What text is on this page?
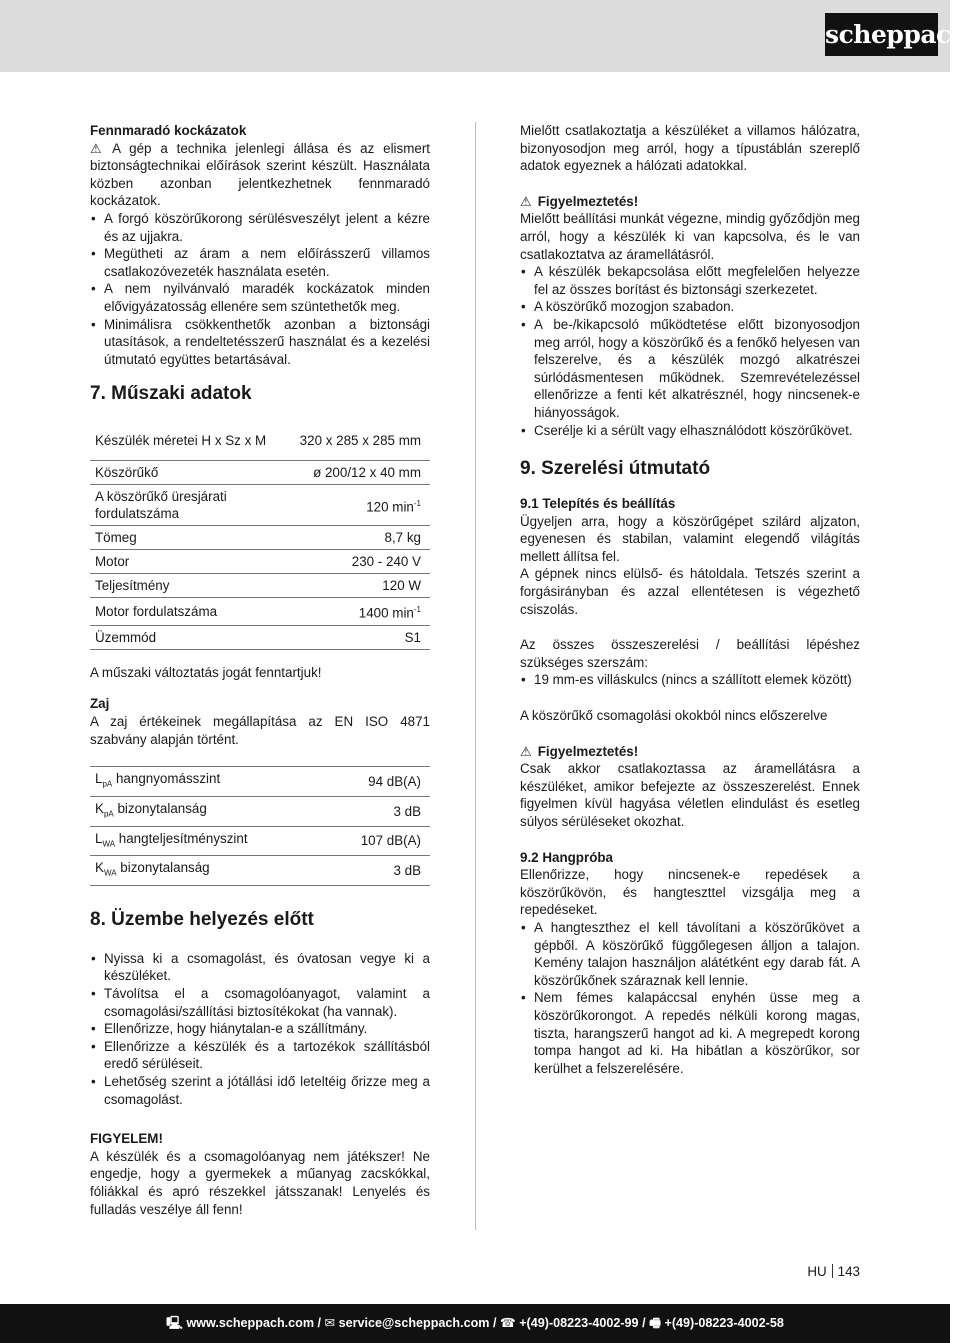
scheppach

Fennmaradó kockázatok

⚠ A gép a technika jelenlegi állása és az elismert biztonságtechnikai előírások szerint készült. Használata közben azonban jelentkezhetnek fennmaradó kockázatok.

• A forgó köszörűkorong sérülésveszélyt jelent a kézre és az ujjakra.
• Megütheti az áram a nem előírásszerű villamos csatlakozóvezeték használata esetén.
• A nem nyilvánvaló maradék kockázatok minden elővigyázatosság ellenére sem szüntethetők meg.
• Minimálisra csökkenthetők azonban a biztonsági utasítások, a rendeltetésszerű használat és a kezelési útmutató együttes betartásával.
7. Műszaki adatok
Készülék méretei H x Sz x M	320 x 285 x 285 mm
Köszörűkő	ø 200/12 x 40 mm
A köszörűkő üresjárati fordulatszáma	120 $\min^{-1}$
Tömeg	8,7 kg
Motor	230 - 240 V
Teljesítmény	120 W
Motor fordulatszáma	1400 $\min^{-1}$
Üzemmód	S1

A műszaki változtatás jogát fenntartjuk!

Zaj

A zaj értékeinek megállapítása az EN ISO 4871 szabvány alapján történt.

$L_{pA}$ hangnyomásszint	94 dB(A)
$K_{pA}$ bizonytalanság	3 dB
$L_{WA}$ hangteljesítményszint	107 dB(A)
$K_{WA}$ bizonytalanság	3 dB
8. Üzembe helyezés előtt
• Nyissa ki a csomagolást, és óvatosan vegye ki a készüléket.
• Távolítsa el a csomagolóanyagot, valamint a csomagolási/szállítási biztosítékokat (ha vannak).
• Ellenőrizze, hogy hiánytalan-e a szállítmány.
• Ellenőrizze a készülék és a tartozékok szállításból eredő sérüléseit.
• Lehetőség szerint a jótállási idő leteltéig őrizze meg a csomagolást.

FIGYELEM!

A készülék és a csomagolóanyag nem játékszer! Ne engedje, hogy a gyermekek a műanyag zacskókkal, fóliákkal és apró részekkel játsszanak! Lenyelés és fulladás veszélye áll fenn!

Mielőtt csatlakoztatja a készüléket a villamos hálózatra, bizonyosodjon meg arról, hogy a típustáblán szereplő adatok egyeznek a hálózati adatokkal.

⚠ Figyelmeztetés!

Mielőtt beállítási munkát végezne, mindig győződjön meg arról, hogy a készülék ki van kapcsolva, és le van csatlakoztatva az áramellátásról.

• A készülék bekapcsolása előtt megfelelően helyezze fel az összes borítást és biztonsági szerkezetet.
• A köszörűkő mozogjon szabadon.
• A be-/kikapcsoló működtetése előtt bizonyosodjon meg arról, hogy a köszörűkő és a fenőkő helyesen van felszerelve, és a készülék mozgó alkatrészei súrlódásmentesen működnek. Szemrevételezéssel ellenőrizze a fenti két alkatrésznél, hogy nincsenek-e hiányosságok.
• Cserélje ki a sérült vagy elhasználódott köszörűkövet.
9. Szerelési útmutató

9.1 Telepítés és beállítás

Ügyeljen arra, hogy a köszörűgépet szilárd aljzaton, egyenesen és stabilan, valamint elegendő világítás mellett állítsa fel.

A gépnek nincs elülső- és hátoldala. Tetszés szerint a forgásirányban és azzal ellentétesen is végezhető csiszolás.

Az összes összeszerelési / beállítási lépéshez szükséges szerszám:

• 19 mm-es villáskulcs (nincs a szállított elemek között)

A köszörűkő csomagolási okokból nincs előszerelve

⚠ Figyelmeztetés!

Csak akkor csatlakoztassa az áramellátásra a készüléket, amikor befejezte az összeszerelést. Ennek figyelmen kívül hagyása véletlen elindulást és esetleg súlyos sérüléseket okozhat.

9.2 Hangpróba

Ellenőrizze, hogy nincsenek-e repedések a köszörűkövön, és hangteszttel vizsgálja meg a repedéseket.

• A hangteszthez el kell távolítani a köszörűkövet a gépből. A köszörűkő függőlegesen álljon a talajon. Kemény talajon használjon alátétként egy darab fát. A köszörűkőnek száraznak kell lennie.
• Nem fémes kalapáccsal enyhén üsse meg a köszörűkorongot. A repedés nélküli korong magas, tiszta, harangszerű hangot ad ki. A megrepedt korong tompa hangot ad ki. Ha hibátlan a köszörűkor, sor kerülhet a felszerelésére.
HU 143
🖳 www.scheppach.com / ✉ service@scheppach.com / ☎ +(49)-08223-4002-99 / 🖷 +(49)-08223-4002-58
